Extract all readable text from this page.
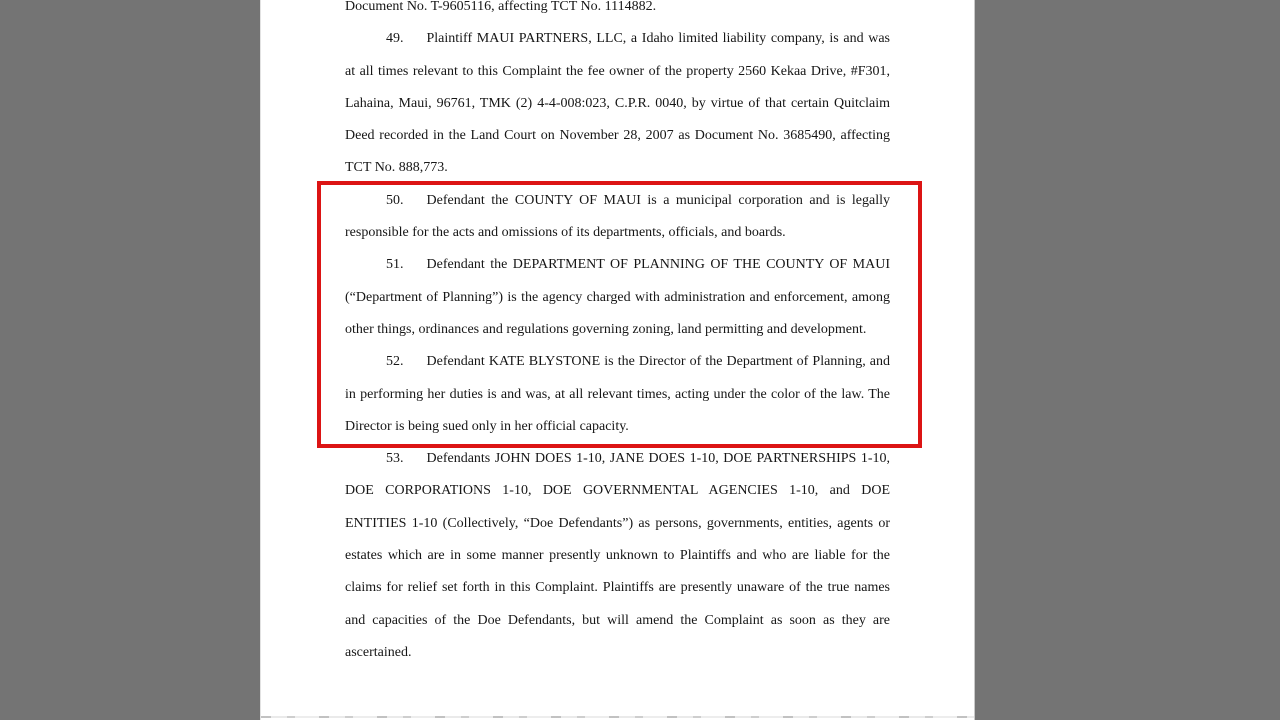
Document No. T-9605116, affecting TCT No. 1114882.

49. Plaintiff MAUI PARTNERS, LLC, a Idaho limited liability company, is and was at all times relevant to this Complaint the fee owner of the property 2560 Kekaa Drive, #F301, Lahaina, Maui, 96761, TMK (2) 4-4-008:023, C.P.R. 0040, by virtue of that certain Quitclaim Deed recorded in the Land Court on November 28, 2007 as Document No. 3685490, affecting TCT No. 888,773.

50. Defendant the COUNTY OF MAUI is a municipal corporation and is legally responsible for the acts and omissions of its departments, officials, and boards.

51. Defendant the DEPARTMENT OF PLANNING OF THE COUNTY OF MAUI (“Department of Planning”) is the agency charged with administration and enforcement, among other things, ordinances and regulations governing zoning, land permitting and development.

52. Defendant KATE BLYSTONE is the Director of the Department of Planning, and in performing her duties is and was, at all relevant times, acting under the color of the law. The Director is being sued only in her official capacity.

53. Defendants JOHN DOES 1-10, JANE DOES 1-10, DOE PARTNERSHIPS 1-10, DOE CORPORATIONS 1-10, DOE GOVERNMENTAL AGENCIES 1-10, and DOE ENTITIES 1-10 (Collectively, “Doe Defendants”) as persons, governments, entities, agents or estates which are in some manner presently unknown to Plaintiffs and who are liable for the claims for relief set forth in this Complaint. Plaintiffs are presently unaware of the true names and capacities of the Doe Defendants, but will amend the Complaint as soon as they are ascertained.
